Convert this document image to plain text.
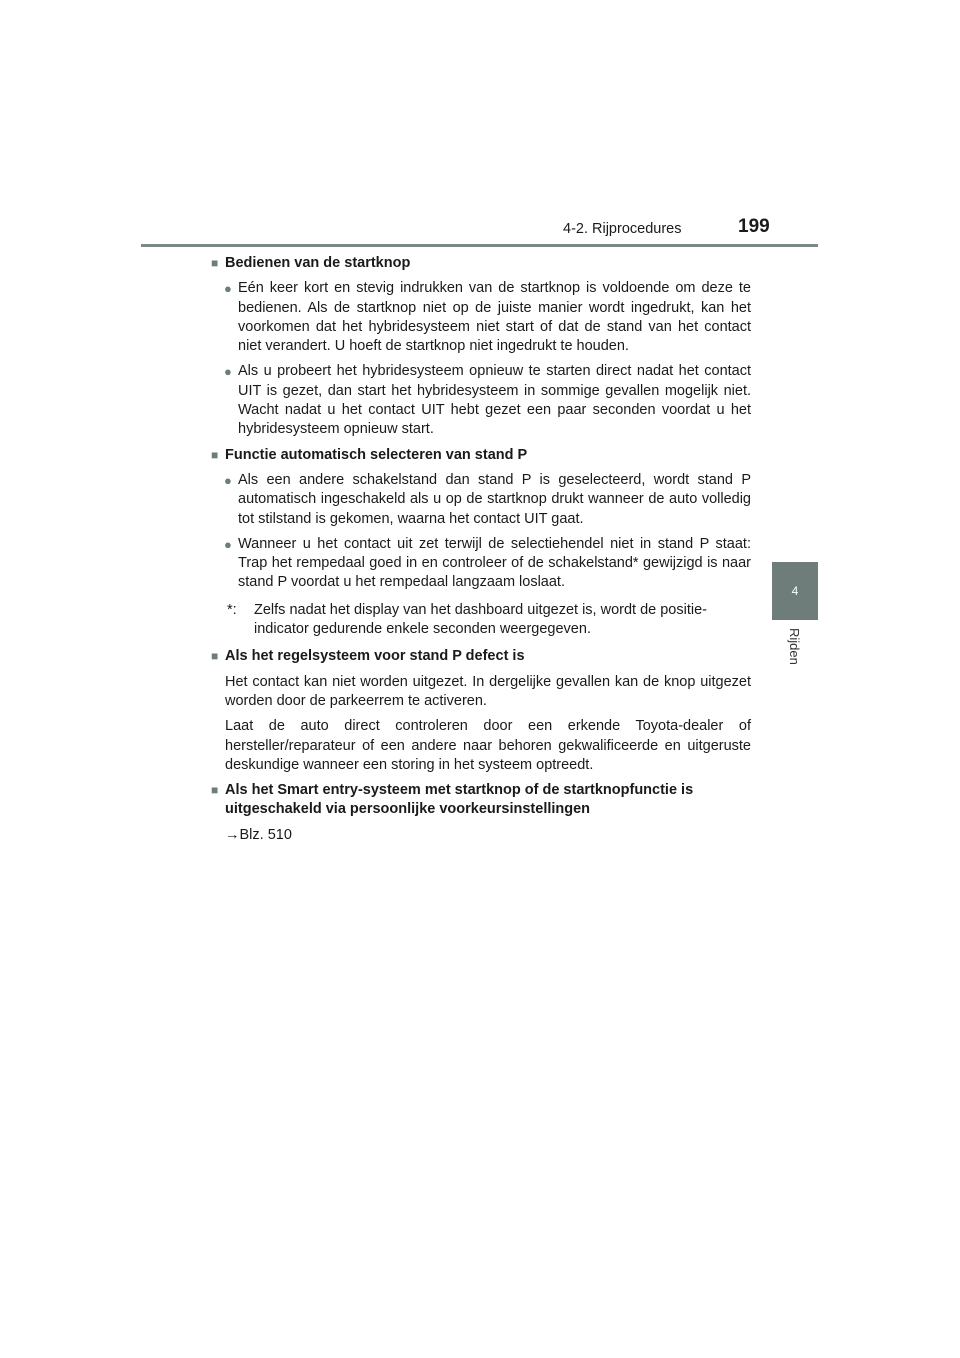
4-2. Rijprocedures	199
4
Rijden
■ Bedienen van de startknop
● Eén keer kort en stevig indrukken van de startknop is voldoende om deze te bedienen. Als de startknop niet op de juiste manier wordt ingedrukt, kan het voorkomen dat het hybridesysteem niet start of dat de stand van het contact niet verandert. U hoeft de startknop niet ingedrukt te houden.
● Als u probeert het hybridesysteem opnieuw te starten direct nadat het contact UIT is gezet, dan start het hybridesysteem in sommige gevallen mogelijk niet. Wacht nadat u het contact UIT hebt gezet een paar seconden voordat u het hybridesysteem opnieuw start.
■ Functie automatisch selecteren van stand P
● Als een andere schakelstand dan stand P is geselecteerd, wordt stand P automatisch ingeschakeld als u op de startknop drukt wanneer de auto volledig tot stilstand is gekomen, waarna het contact UIT gaat.
● Wanneer u het contact uit zet terwijl de selectiehendel niet in stand P staat: Trap het rempedaal goed in en controleer of de schakelstand* gewijzigd is naar stand P voordat u het rempedaal langzaam loslaat.
*:	Zelfs nadat het display van het dashboard uitgezet is, wordt de positie-indicator gedurende enkele seconden weergegeven.
■ Als het regelsysteem voor stand P defect is
Het contact kan niet worden uitgezet. In dergelijke gevallen kan de knop uitgezet worden door de parkeerrem te activeren.
Laat de auto direct controleren door een erkende Toyota-dealer of hersteller/reparateur of een andere naar behoren gekwalificeerde en uitgeruste deskundige wanneer een storing in het systeem optreedt.
■ Als het Smart entry-systeem met startknop of de startknopfunctie is uitgeschakeld via persoonlijke voorkeursinstellingen
→Blz. 510
